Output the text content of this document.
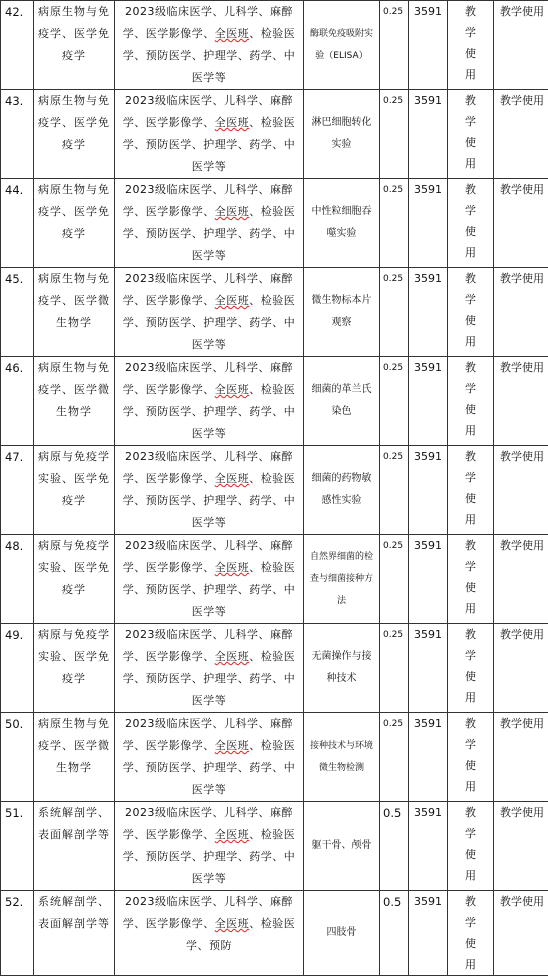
42.	病原生物与免疫学、医学免疫学	2023级临床医学、儿科学、麻醉学、医学影像学、全医班、检验医学、预防医学、护理学、药学、中医学等	酶联免疫吸附实验（ELISA）	0.25	3591	教学使用	教学使用
43.	病原生物与免疫学、医学免疫学	2023级临床医学、儿科学、麻醉学、医学影像学、全医班、检验医学、预防医学、护理学、药学、中医学等	淋巴细胞转化实验	0.25	3591	教学使用	教学使用
44.	病原生物与免疫学、医学免疫学	2023级临床医学、儿科学、麻醉学、医学影像学、全医班、检验医学、预防医学、护理学、药学、中医学等	中性粒细胞吞噬实验	0.25	3591	教学使用	教学使用
45.	病原生物与免疫学、医学微生物学	2023级临床医学、儿科学、麻醉学、医学影像学、全医班、检验医学、预防医学、护理学、药学、中医学等	微生物标本片观察	0.25	3591	教学使用	教学使用
46.	病原生物与免疫学、医学微生物学	2023级临床医学、儿科学、麻醉学、医学影像学、全医班、检验医学、预防医学、护理学、药学、中医学等	细菌的革兰氏染色	0.25	3591	教学使用	教学使用
47.	病原与免疫学实验、医学免疫学	2023级临床医学、儿科学、麻醉学、医学影像学、全医班、检验医学、预防医学、护理学、药学、中医学等	细菌的药物敏感性实验	0.25	3591	教学使用	教学使用
48.	病原与免疫学实验、医学免疫学	2023级临床医学、儿科学、麻醉学、医学影像学、全医班、检验医学、预防医学、护理学、药学、中医学等	自然界细菌的检查与细菌接种方法	0.25	3591	教学使用	教学使用
49.	病原与免疫学实验、医学免疫学	2023级临床医学、儿科学、麻醉学、医学影像学、全医班、检验医学、预防医学、护理学、药学、中医学等	无菌操作与接种技术	0.25	3591	教学使用	教学使用
50.	病原生物与免疫学、医学微生物学	2023级临床医学、儿科学、麻醉学、医学影像学、全医班、检验医学、预防医学、护理学、药学、中医学等	接种技术与环境微生物检测	0.25	3591	教学使用	教学使用
51.	系统解剖学、表面解剖学等	2023级临床医学、儿科学、麻醉学、医学影像学、全医班、检验医学、预防医学、护理学、药学、中医学等	躯干骨、颅骨	0.5	3591	教学使用	教学使用
52.	系统解剖学、表面解剖学等	2023级临床医学、儿科学、麻醉学、医学影像学、全医班、检验医学、预防	四肢骨	0.5	3591	教学使用	教学使用
